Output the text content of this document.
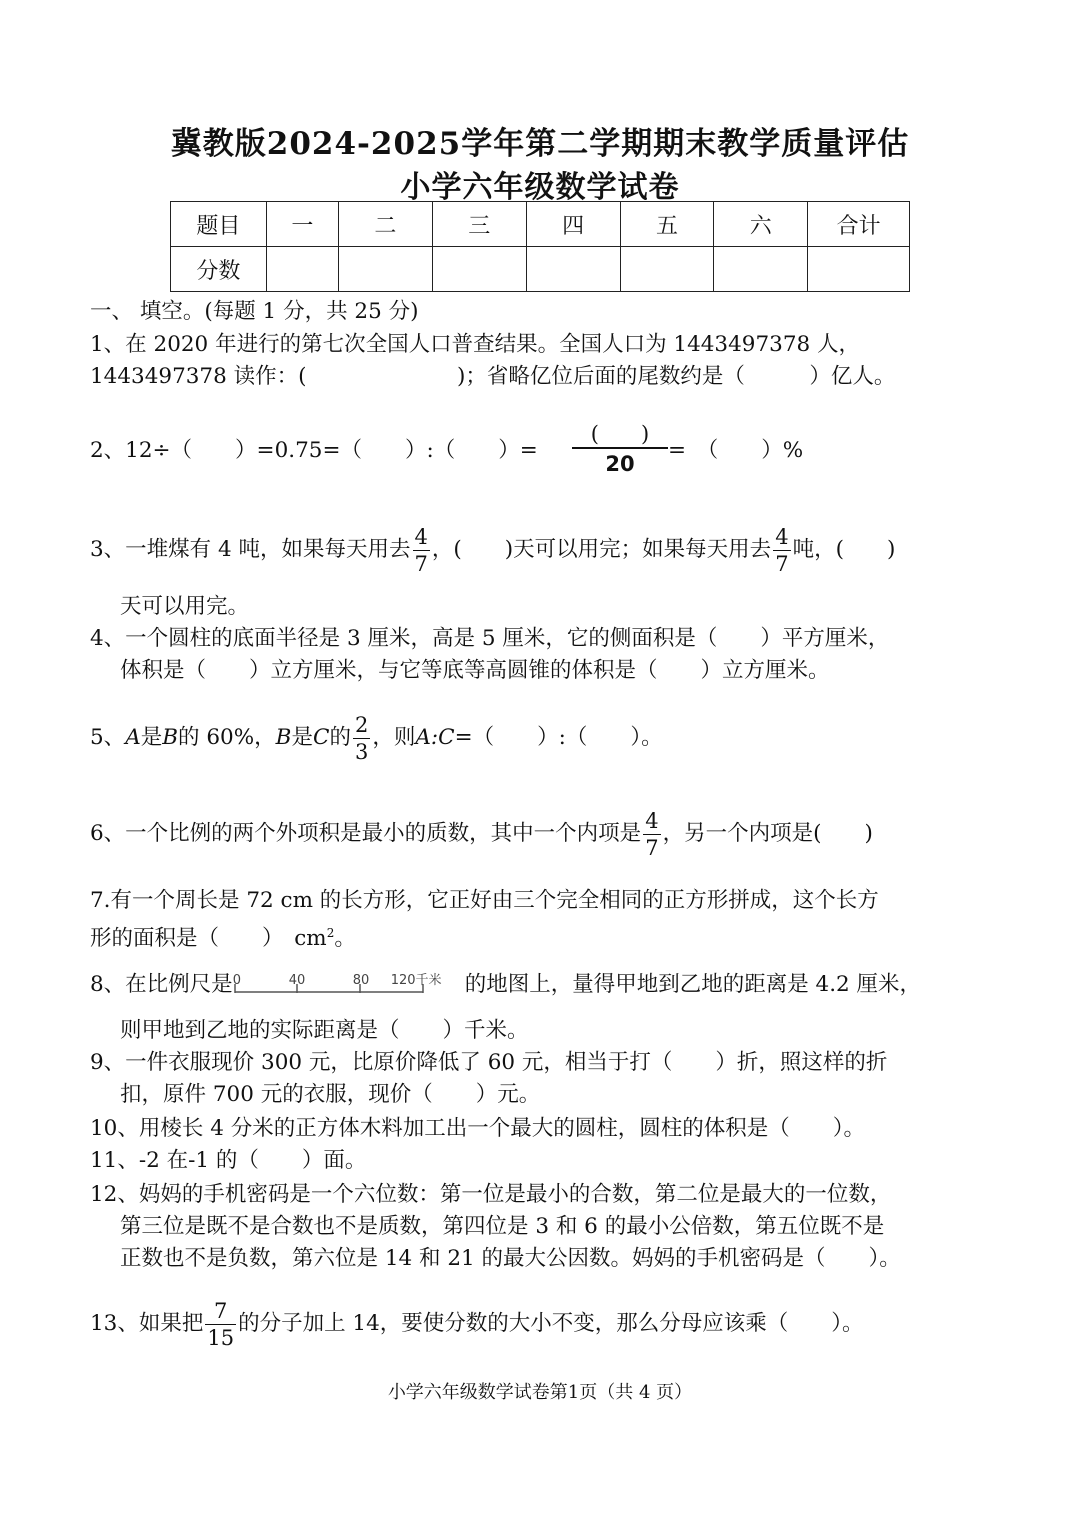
冀教版2024-2025学年第二学期期末教学质量评估
小学六年级数学试卷
题目	一	二	三	四	五	六	合计
分数							
一、 填空。(每题 1 分，共 25 分)
1、在 2020 年进行的第七次全国人口普查结果。全国人口为 1443497378 人，
1443497378 读作：(　　　　　　　)；省略亿位后面的尾数约是（　　　）亿人。
2、12÷（　　）=0.75=（　　）:（　　）=
(　　)
20
=　（　　）%
3、一堆煤有 4 吨，如果每天用去 $\frac{4}{7}$ ，(　　)天可以用完；如果每天用去 $\frac{4}{7}$ 吨，(　　)
天可以用完。
4、一个圆柱的底面半径是 3 厘米，高是 5 厘米，它的侧面积是（　　）平方厘米，
体积是（　　）立方厘米，与它等底等高圆锥的体积是（　　）立方厘米。
5、A是B的 60%，B是C的 $\frac{2}{3}$ ，则A:C=（　　）:（　　）。
6、一个比例的两个外项积是最小的质数，其中一个内项是 $\frac{4}{7}$ ，另一个内项是(　　)
7.有一个周长是 72 cm 的长方形，它正好由三个完全相同的正方形拼成，这个长方
形的面积是（　　）　$cm^2$。
8、在比例尺是 0	40	80 120千米 的地图上，量得甲地到乙地的距离是 4.2 厘米，
则甲地到乙地的实际距离是（　　）千米。
9、一件衣服现价 300 元，比原价降低了 60 元，相当于打（　　）折，照这样的折
扣，原件 700 元的衣服，现价（　　）元。
10、用棱长 4 分米的正方体木料加工出一个最大的圆柱，圆柱的体积是（　　）。
11、-2 在-1 的（　　）面。
12、妈妈的手机密码是一个六位数：第一位是最小的合数，第二位是最大的一位数，
第三位是既不是合数也不是质数，第四位是 3 和 6 的最小公倍数，第五位既不是
正数也不是负数，第六位是 14 和 21 的最大公因数。妈妈的手机密码是（　　）。
13、如果把 $\frac{7}{15}$ 的分子加上 14，要使分数的大小不变，那么分母应该乘（　　）。
小学六年级数学试卷第1页（共 4 页）
